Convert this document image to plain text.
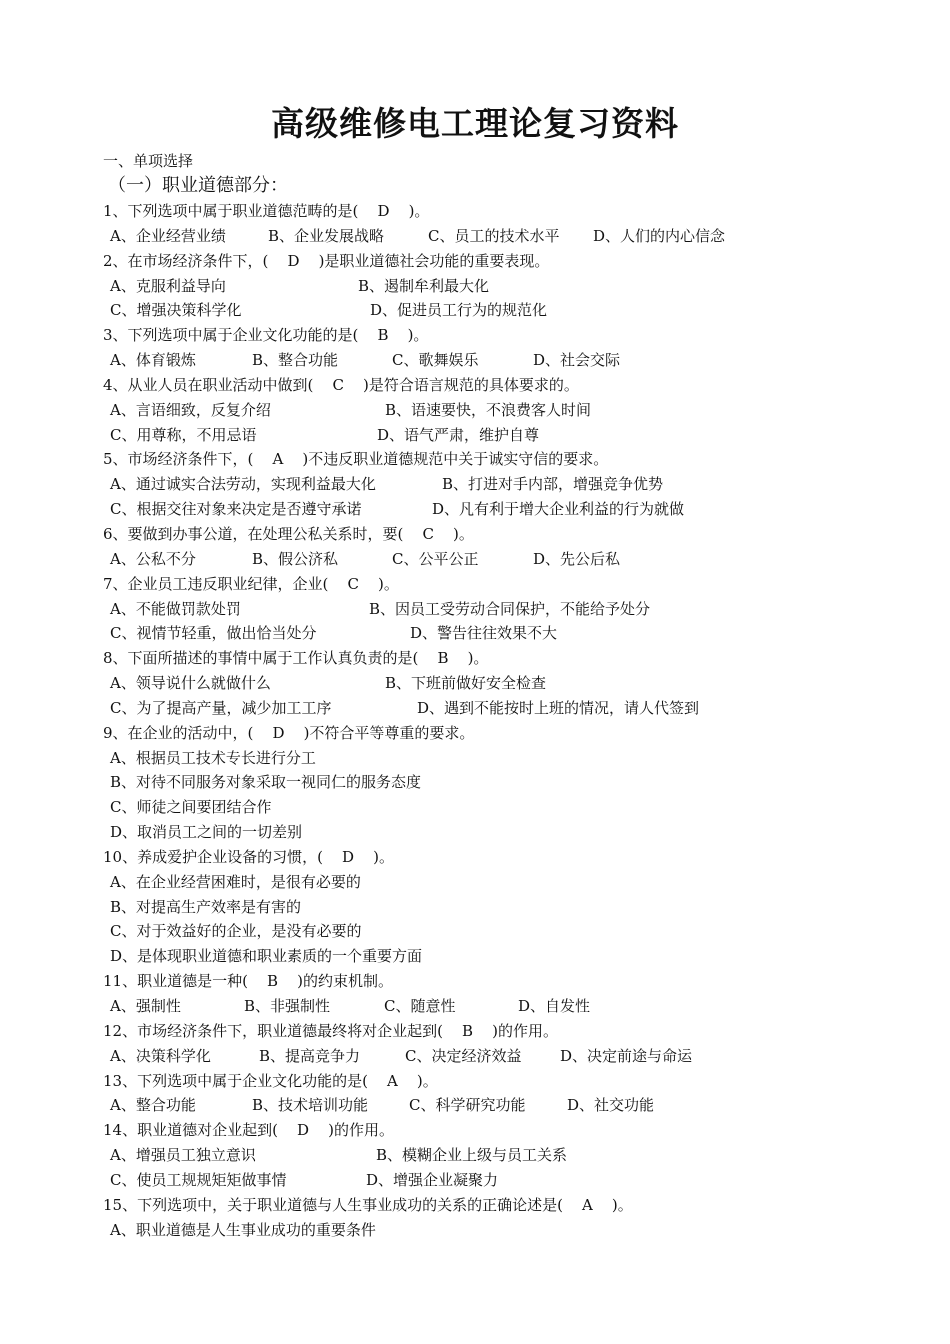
高级维修电工理论复习资料
一、单项选择
（一）职业道德部分：
1、下列选项中属于职业道德范畴的是(    D    )。
A、企业经营业绩	B、企业发展战略	C、员工的技术水平 D、人们的内心信念
2、在市场经济条件下，(    D    )是职业道德社会功能的重要表现。
A、克服利益导向	B、遏制牟利最大化
C、增强决策科学化	D、促进员工行为的规范化
3、下列选项中属于企业文化功能的是(    B    )。
A、体育锻炼	B、整合功能	C、歌舞娱乐	D、社会交际
4、从业人员在职业活动中做到(    C    )是符合语言规范的具体要求的。
A、言语细致，反复介绍	B、语速要快，不浪费客人时间
C、用尊称，不用忌语	D、语气严肃，维护自尊
5、市场经济条件下，(    A    )不违反职业道德规范中关于诚实守信的要求。
A、通过诚实合法劳动，实现利益最大化	B、打进对手内部，增强竞争优势
C、根据交往对象来决定是否遵守承诺	D、凡有利于增大企业利益的行为就做
6、要做到办事公道，在处理公私关系时，要(    C    )。
A、公私不分	B、假公济私	C、公平公正	D、先公后私
7、企业员工违反职业纪律，企业(    C    )。
A、不能做罚款处罚	B、因员工受劳动合同保护，不能给予处分
C、视情节轻重，做出恰当处分	D、警告往往效果不大
8、下面所描述的事情中属于工作认真负责的是(    B    )。
A、领导说什么就做什么	B、下班前做好安全检查
C、为了提高产量，减少加工工序	D、遇到不能按时上班的情况，请人代签到
9、在企业的活动中，(    D    )不符合平等尊重的要求。
A、根据员工技术专长进行分工
B、对待不同服务对象采取一视同仁的服务态度
C、师徒之间要团结合作
D、取消员工之间的一切差别
10、养成爱护企业设备的习惯，(    D    )。
A、在企业经营困难时，是很有必要的
B、对提高生产效率是有害的
C、对于效益好的企业，是没有必要的
D、是体现职业道德和职业素质的一个重要方面
11、职业道德是一种(    B    )的约束机制。
A、强制性	B、非强制性	C、随意性	D、自发性
12、市场经济条件下，职业道德最终将对企业起到(    B    )的作用。
A、决策科学化	B、提高竞争力	C、决定经济效益	D、决定前途与命运
13、下列选项中属于企业文化功能的是(    A    )。
A、整合功能	B、技术培训功能	C、科学研究功能	D、社交功能
14、职业道德对企业起到(    D    )的作用。
A、增强员工独立意识	B、模糊企业上级与员工关系
C、使员工规规矩矩做事情	D、增强企业凝聚力
15、下列选项中，关于职业道德与人生事业成功的关系的正确论述是(    A    )。
A、职业道德是人生事业成功的重要条件
